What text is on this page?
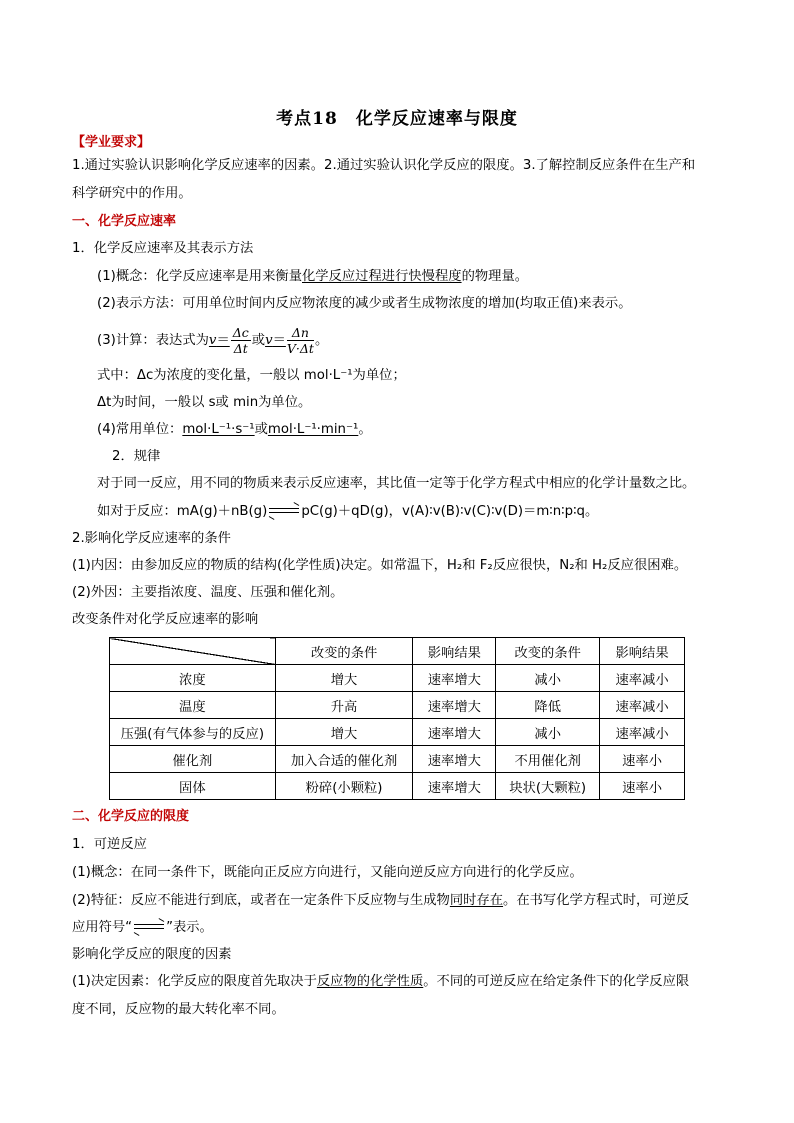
考点18　化学反应速率与限度
【学业要求】
1.通过实验认识影响化学反应速率的因素。2.通过实验认识化学反应的限度。3.了解控制反应条件在生产和
科学研究中的作用。
一、化学反应速率
1．化学反应速率及其表示方法
(1)概念：化学反应速率是用来衡量化学反应过程进行快慢程度的物理量。
(2)表示方法：可用单位时间内反应物浓度的减少或者生成物浓度的增加(均取正值)来表示。
(3)计算：表达式为$v= \frac{\Delta c}{\Delta t}$ 或$v= \frac{\Delta n}{V\cdot\Delta t}$ 。
式中：Δc为浓度的变化量，一般以 mol·L⁻¹为单位；
Δt为时间，一般以 s或 min为单位。
(4)常用单位：mol·L⁻¹·s⁻¹或mol·L⁻¹·min⁻¹。
2．规律
对于同一反应，用不同的物质来表示反应速率，其比值一定等于化学方程式中相应的化学计量数之比。
如对于反应：mA(g)＋nB(g)	pC(g)＋qD(g)，v(A)∶v(B)∶v(C)∶v(D)＝m∶n∶p∶q。
2.影响化学反应速率的条件
(1)内因：由参加反应的物质的结构(化学性质)决定。如常温下，H₂和 F₂反应很快，N₂和 H₂反应很困难。
(2)外因：主要指浓度、温度、压强和催化剂。
改变条件对化学反应速率的影响
	改变的条件	影响结果	改变的条件	影响结果
浓度	增大	速率增大	减小	速率减小
温度	升高	速率增大	降低	速率减小
压强(有气体参与的反应)	增大	速率增大	减小	速率减小
催化剂	加入合适的催化剂	速率增大	不用催化剂	速率小
固体	粉碎(小颗粒)	速率增大	块状(大颗粒)	速率小
二、化学反应的限度
1．可逆反应
(1)概念：在同一条件下，既能向正反应方向进行，又能向逆反应方向进行的化学反应。
(2)特征：反应不能进行到底，或者在一定条件下反应物与生成物同时存在。在书写化学方程式时，可逆反
应用符号“	”表示。
影响化学反应的限度的因素
(1)决定因素：化学反应的限度首先取决于反应物的化学性质。不同的可逆反应在给定条件下的化学反应限
度不同，反应物的最大转化率不同。
